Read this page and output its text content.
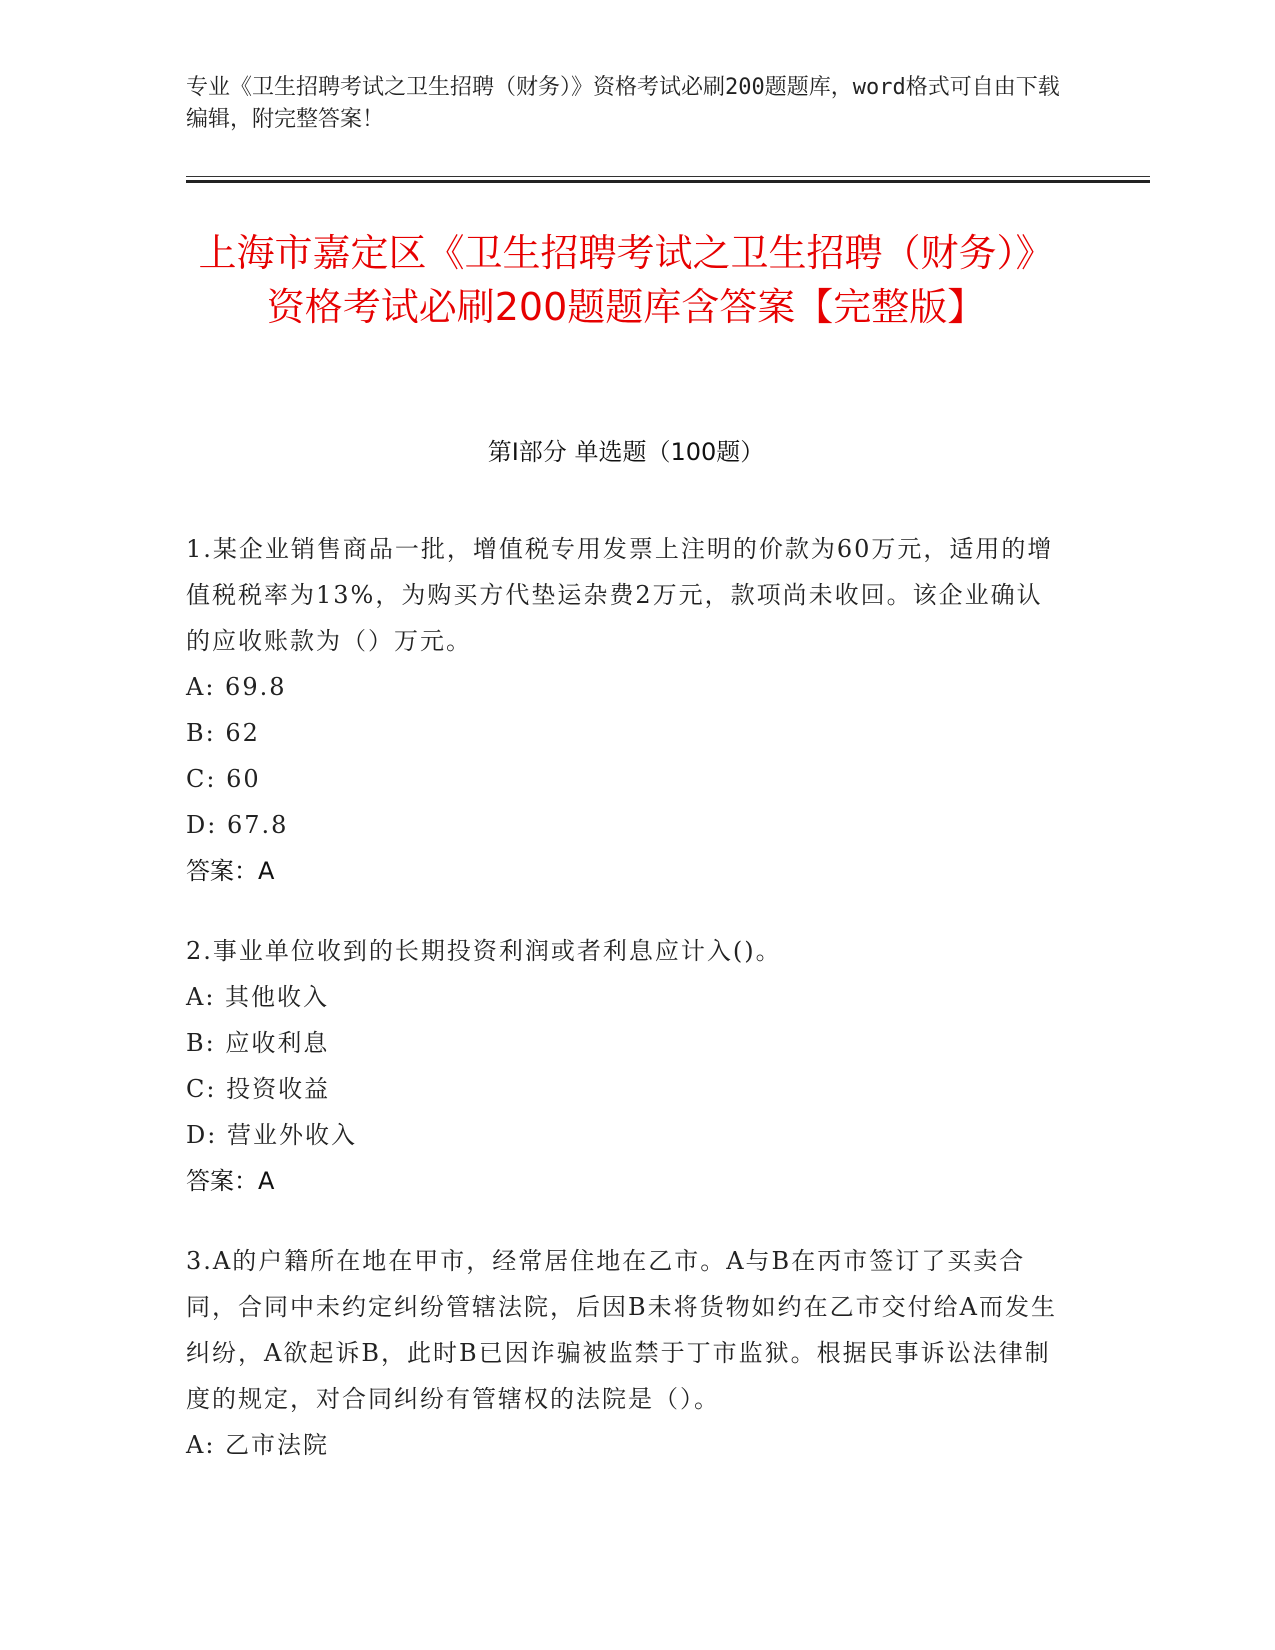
专业《卫生招聘考试之卫生招聘（财务）》资格考试必刷200题题库，word格式可自由下载编辑，附完整答案！
上海市嘉定区《卫生招聘考试之卫生招聘（财务）》资格考试必刷200题题库含答案【完整版】
第I部分 单选题（100题）

1.某企业销售商品一批，增值税专用发票上注明的价款为60万元，适用的增值税税率为13%，为购买方代垫运杂费2万元，款项尚未收回。该企业确认的应收账款为（）万元。

A: 69.8

B: 62

C: 60

D: 67.8

答案：A

2.事业单位收到的长期投资利润或者利息应计入()。

A: 其他收入

B: 应收利息

C: 投资收益

D: 营业外收入

答案：A

3.A的户籍所在地在甲市，经常居住地在乙市。A与B在丙市签订了买卖合同，合同中未约定纠纷管辖法院，后因B未将货物如约在乙市交付给A而发生纠纷，A欲起诉B，此时B已因诈骗被监禁于丁市监狱。根据民事诉讼法律制度的规定，对合同纠纷有管辖权的法院是（）。

A: 乙市法院
